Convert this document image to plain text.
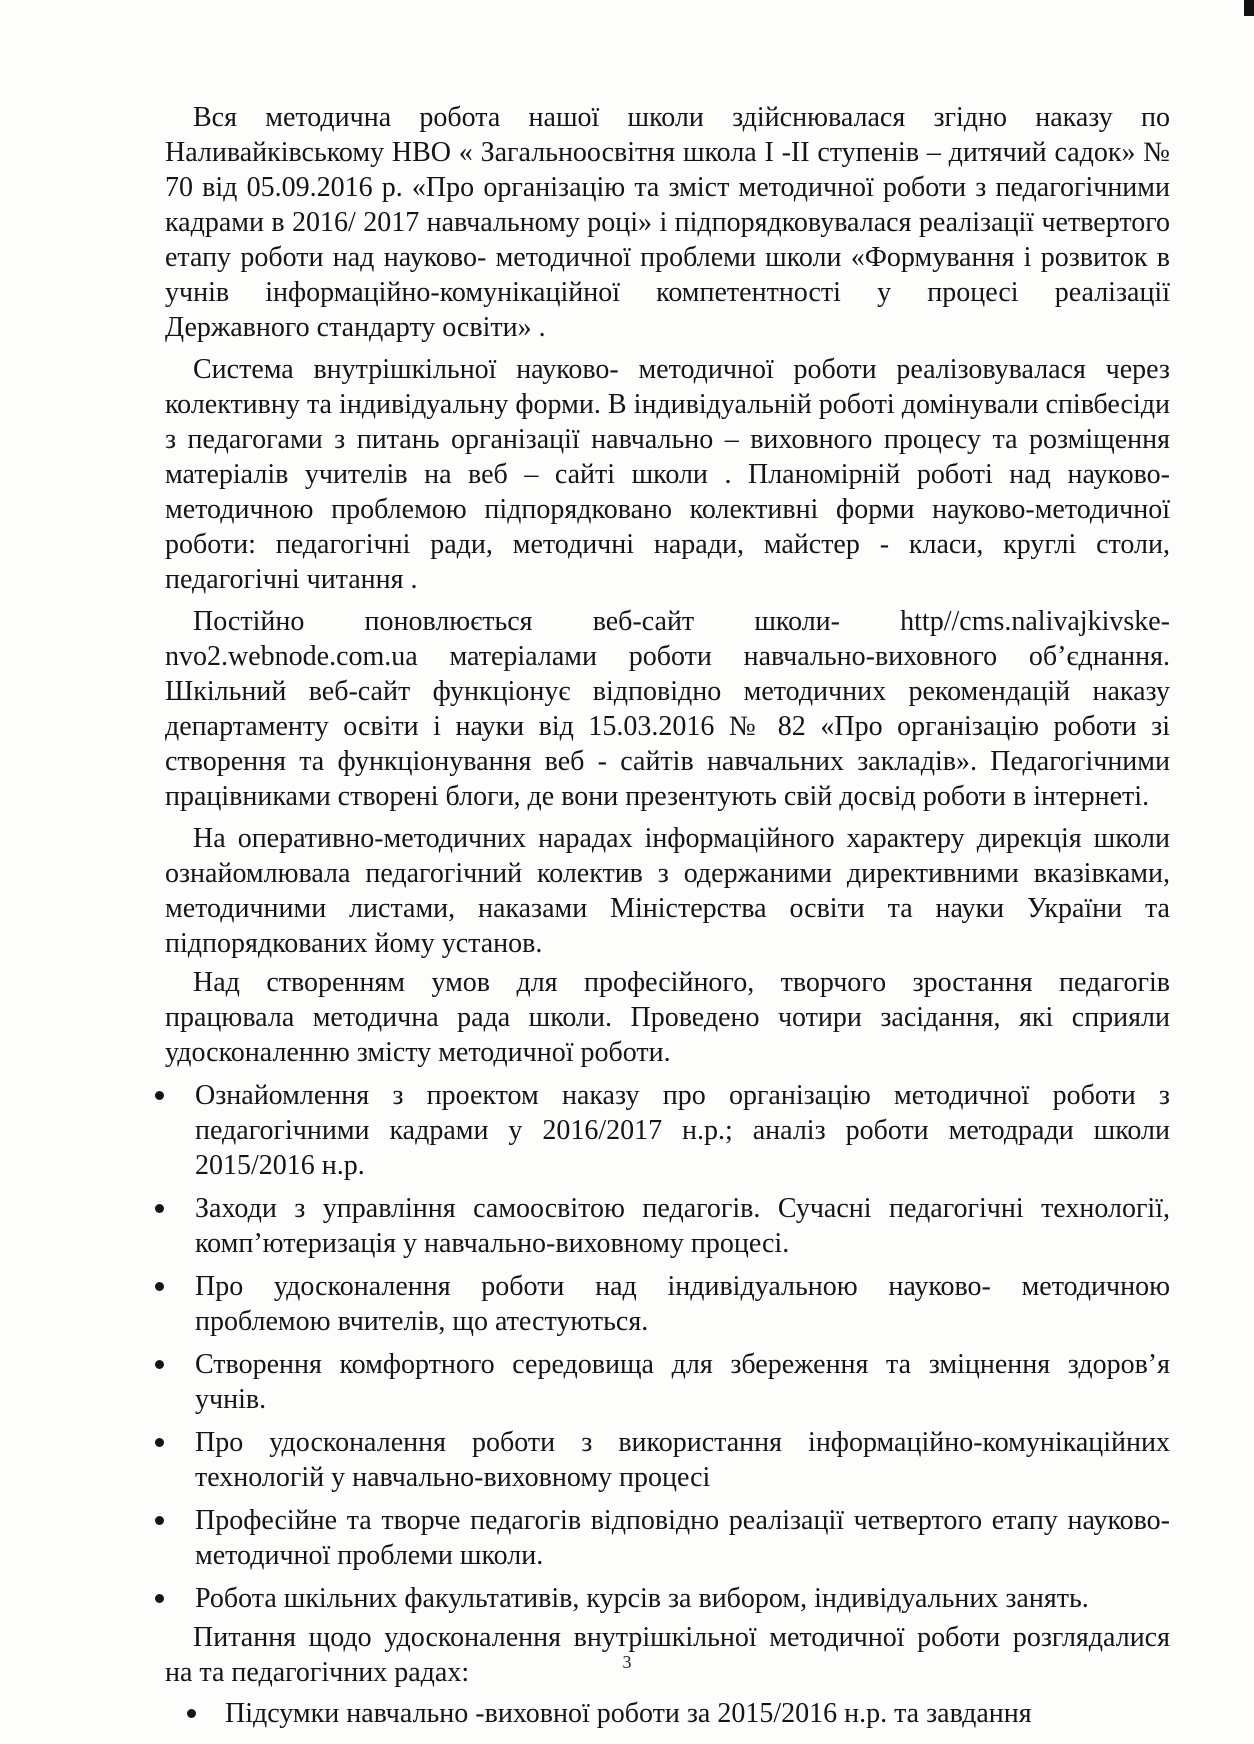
Вся методична робота нашої школи здійснювалася згідно наказу по Наливайківському НВО « Загальноосвітня школа І -ІІ ступенів – дитячий садок» № 70 від 05.09.2016 р. «Про організацію та зміст методичної роботи з педагогічними кадрами в 2016/ 2017 навчальному році» і підпорядковувалася реалізації четвертого етапу роботи над науково- методичної проблеми школи «Формування і розвиток в учнів інформаційно-комунікаційної компетентності у процесі реалізації Державного стандарту освіти» .

Система внутрішкільної науково- методичної роботи реалізовувалася через колективну та індивідуальну форми. В індивідуальній роботі домінували співбесіди з педагогами з питань організації навчально – виховного процесу та розміщення матеріалів учителів на веб – сайті школи . Планомірній роботі над науково- методичною проблемою підпорядковано колективні форми науково-методичної роботи: педагогічні ради, методичні наради, майстер - класи, круглі столи, педагогічні читання .

Постійно поновлюється веб-сайт школи- http//cms.nalivajkivske-nvo2.webnode.com.ua матеріалами роботи навчально-виховного об’єднання. Шкільний веб-сайт функціонує відповідно методичних рекомендацій наказу департаменту освіти і науки від 15.03.2016 № 82 «Про організацію роботи зі створення та функціонування веб - сайтів навчальних закладів». Педагогічними працівниками створені блоги, де вони презентують свій досвід роботи в інтернеті.

На оперативно-методичних нарадах інформаційного характеру дирекція школи ознайомлювала педагогічний колектив з одержаними директивними вказівками, методичними листами, наказами Міністерства освіти та науки України та підпорядкованих йому установ.

Над створенням умов для професійного, творчого зростання педагогів працювала методична рада школи. Проведено чотири засідання, які сприяли удосконаленню змісту методичної роботи.

Ознайомлення з проектом наказу про організацію методичної роботи з педагогічними кадрами у 2016/2017 н.р.; аналіз роботи методради школи 2015/2016 н.р.
Заходи з управління самоосвітою педагогів. Сучасні педагогічні технології, комп’ютеризація у навчально-виховному процесі.
Про удосконалення роботи над індивідуальною науково- методичною проблемою вчителів, що атестуються.
Створення комфортного середовища для збереження та зміцнення здоров’я учнів.
Про удосконалення роботи з використання інформаційно-комунікаційних технологій у навчально-виховному процесі
Професійне та творче педагогів відповідно реалізації четвертого етапу науково-методичної проблеми школи.
Робота шкільних факультативів, курсів за вибором, індивідуальних занять.

Питання щодо удосконалення внутрішкільної методичної роботи розглядалися на та педагогічних радах:

Підсумки навчально -виховної роботи за 2015/2016 н.р. та завдання
3
